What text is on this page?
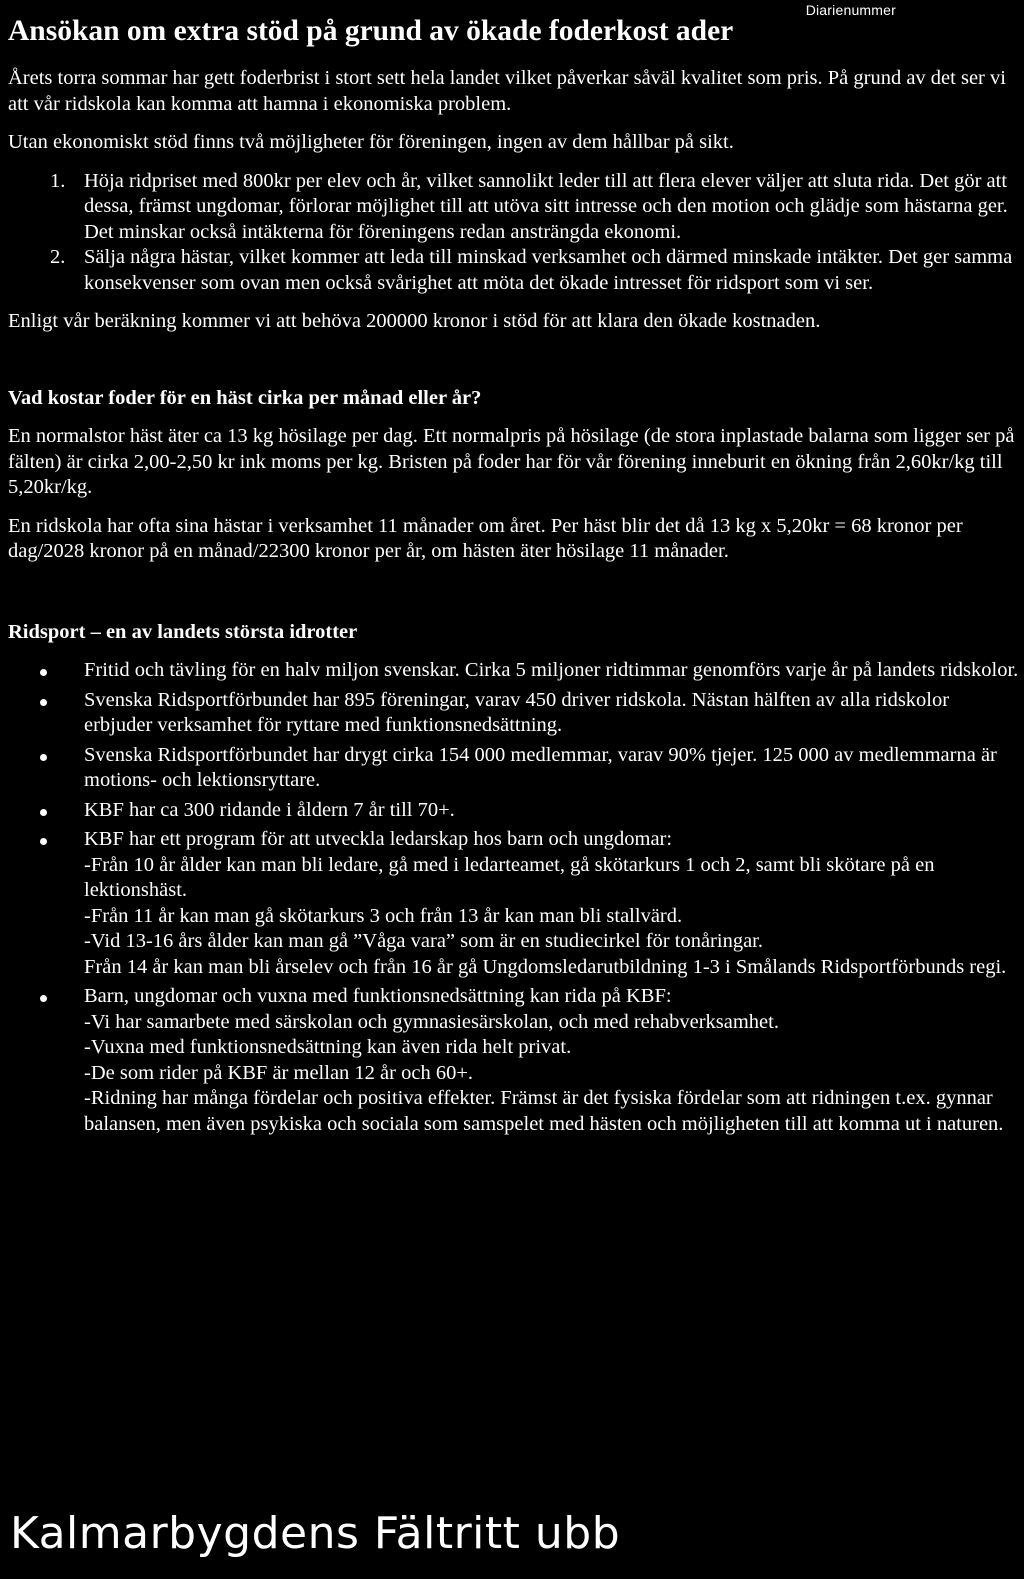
Diarienummer
Ansökan om extra stöd på grund av ökade foderkost ader

Årets torra sommar har gett foderbrist i stort sett hela landet vilket påverkar såväl kvalitet som pris. På grund av det ser vi att vår ridskola kan komma att hamna i ekonomiska problem.

Utan ekonomiskt stöd finns två möjligheter för föreningen, ingen av dem hållbar på sikt.

1. Höja ridpriset med 800kr per elev och år, vilket sannolikt leder till att flera elever väljer att sluta rida. Det gör att dessa, främst ungdomar, förlorar möjlighet till att utöva sitt intresse och den motion och glädje som hästarna ger. Det minskar också intäkterna för föreningens redan ansträngda ekonomi.
2. Sälja några hästar, vilket kommer att leda till minskad verksamhet och därmed minskade intäkter. Det ger samma konsekvenser som ovan men också svårighet att möta det ökade intresset för ridsport som vi ser.

Enligt vår beräkning kommer vi att behöva 200000 kronor i stöd för att klara den ökade kostnaden.

Vad kostar foder för en häst cirka per månad eller år?

En normalstor häst äter ca 13 kg hösilage per dag. Ett normalpris på hösilage (de stora inplastade balarna som ligger ser på fälten) är cirka 2,00-2,50 kr ink moms per kg. Bristen på foder har för vår förening inneburit en ökning från 2,60kr/kg till 5,20kr/kg.

En ridskola har ofta sina hästar i verksamhet 11 månader om året. Per häst blir det då 13 kg x 5,20kr = 68 kronor per dag/2028 kronor på en månad/22300 kronor per år, om hästen äter hösilage 11 månader.

Ridsport – en av landets största idrotter
Fritid och tävling för en halv miljon svenskar. Cirka 5 miljoner ridtimmar genomförs varje år på landets ridskolor.
Svenska Ridsportförbundet har 895 föreningar, varav 450 driver ridskola. Nästan hälften av alla ridskolor erbjuder verksamhet för ryttare med funktionsnedsättning.
Svenska Ridsportförbundet har drygt cirka 154 000 medlemmar, varav 90% tjejer. 125 000 av medlemmarna är motions- och lektionsryttare.
KBF har ca 300 ridande i åldern 7 år till 70+.
KBF har ett program för att utveckla ledarskap hos barn och ungdomar:
-Från 10 år ålder kan man bli ledare, gå med i ledarteamet, gå skötarkurs 1 och 2, samt bli skötare på en lektionshäst.
-Från 11 år kan man gå skötarkurs 3 och från 13 år kan man bli stallvärd.
-Vid 13-16 års ålder kan man gå ”Våga vara” som är en studiecirkel för tonåringar.
Från 14 år kan man bli årselev och från 16 år gå Ungdomsledarutbildning 1-3 i Smålands Ridsportförbunds regi.
Barn, ungdomar och vuxna med funktionsnedsättning kan rida på KBF:
-Vi har samarbete med särskolan och gymnasiesärskolan, och med rehabverksamhet.
-Vuxna med funktionsnedsättning kan även rida helt privat.
-De som rider på KBF är mellan 12 år och 60+.
-Ridning har många fördelar och positiva effekter. Främst är det fysiska fördelar som att ridningen t.ex. gynnar balansen, men även psykiska och sociala som samspelet med hästen och möjligheten till att komma ut i naturen.
Kalmarbygdens Fältritt ubb
